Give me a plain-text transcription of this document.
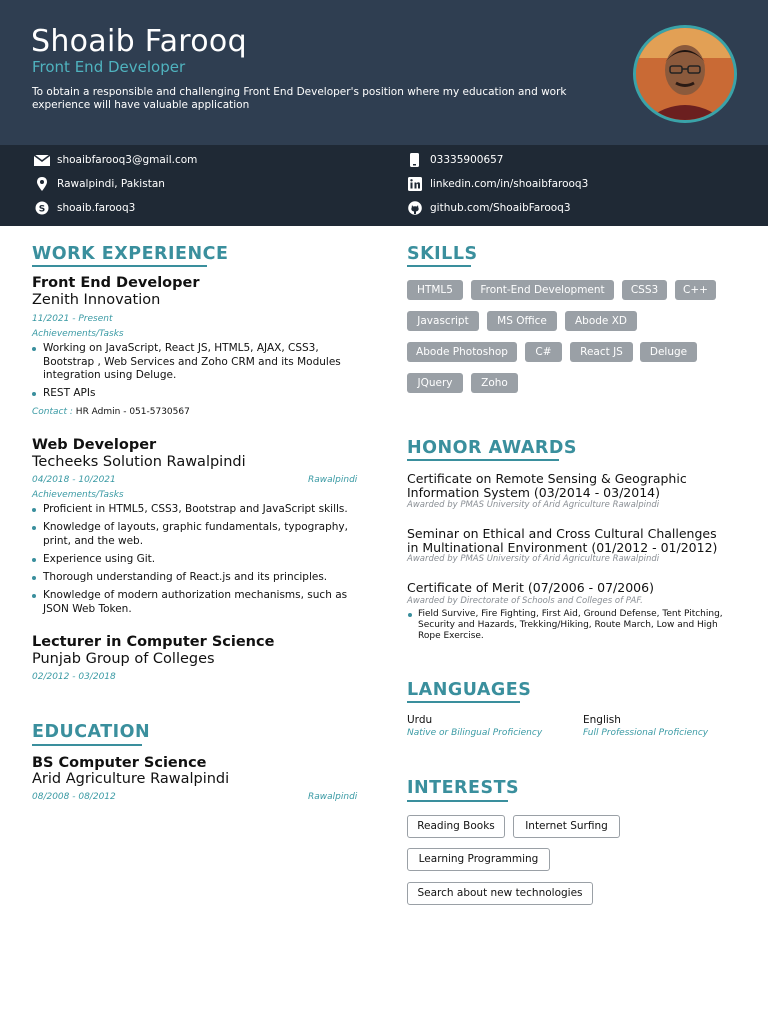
Shoaib Farooq
Front End Developer
To obtain a responsible and challenging Front End Developer's position where my education and work experience will have valuable application
shoaibfarooq3@gmail.com
Rawalpindi, Pakistan
S shoaib.farooq3
03335900657
linkedin.com/in/shoaibfarooq3
github.com/ShoaibFarooq3
WORK EXPERIENCE
Front End Developer
Zenith Innovation
11/2021 - Present
Achievements/Tasks
Working on JavaScript, React JS, HTML5, AJAX, CSS3, Bootstrap , Web Services and Zoho CRM and its Modules integration using Deluge.
REST APIs
Contact : HR Admin - 051-5730567
Web Developer
Techeeks Solution Rawalpindi
04/2018 - 10/2021	Rawalpindi
Achievements/Tasks
Proficient in HTML5, CSS3, Bootstrap and JavaScript skills.
Knowledge of layouts, graphic fundamentals, typography, print, and the web.
Experience using Git.
Thorough understanding of React.js and its principles.
Knowledge of modern authorization mechanisms, such as JSON Web Token.
Lecturer in Computer Science
Punjab Group of Colleges
02/2012 - 03/2018
EDUCATION
BS Computer Science
Arid Agriculture Rawalpindi
08/2008 - 08/2012	Rawalpindi
SKILLS
HTML5	Front-End Development	CSS3	C++
Javascript	MS Office	Abode XD
Abode Photoshop	C#	React JS	Deluge
JQuery	Zoho
HONOR AWARDS
Certificate on Remote Sensing & Geographic Information System (03/2014 - 03/2014)
Awarded by PMAS University of Arid Agriculture Rawalpindi
Seminar on Ethical and Cross Cultural Challenges in Multinational Environment (01/2012 - 01/2012)
Awarded by PMAS University of Arid Agriculture Rawalpindi
Certificate of Merit (07/2006 - 07/2006)
Awarded by Directorate of Schools and Colleges of PAF.
Field Survive, Fire Fighting, First Aid, Ground Defense, Tent Pitching, Security and Hazards, Trekking/Hiking, Route March, Low and High Rope Exercise.
LANGUAGES
Urdu
Native or Bilingual Proficiency
English
Full Professional Proficiency
INTERESTS
Reading Books	Internet Surfing
Learning Programming
Search about new technologies
